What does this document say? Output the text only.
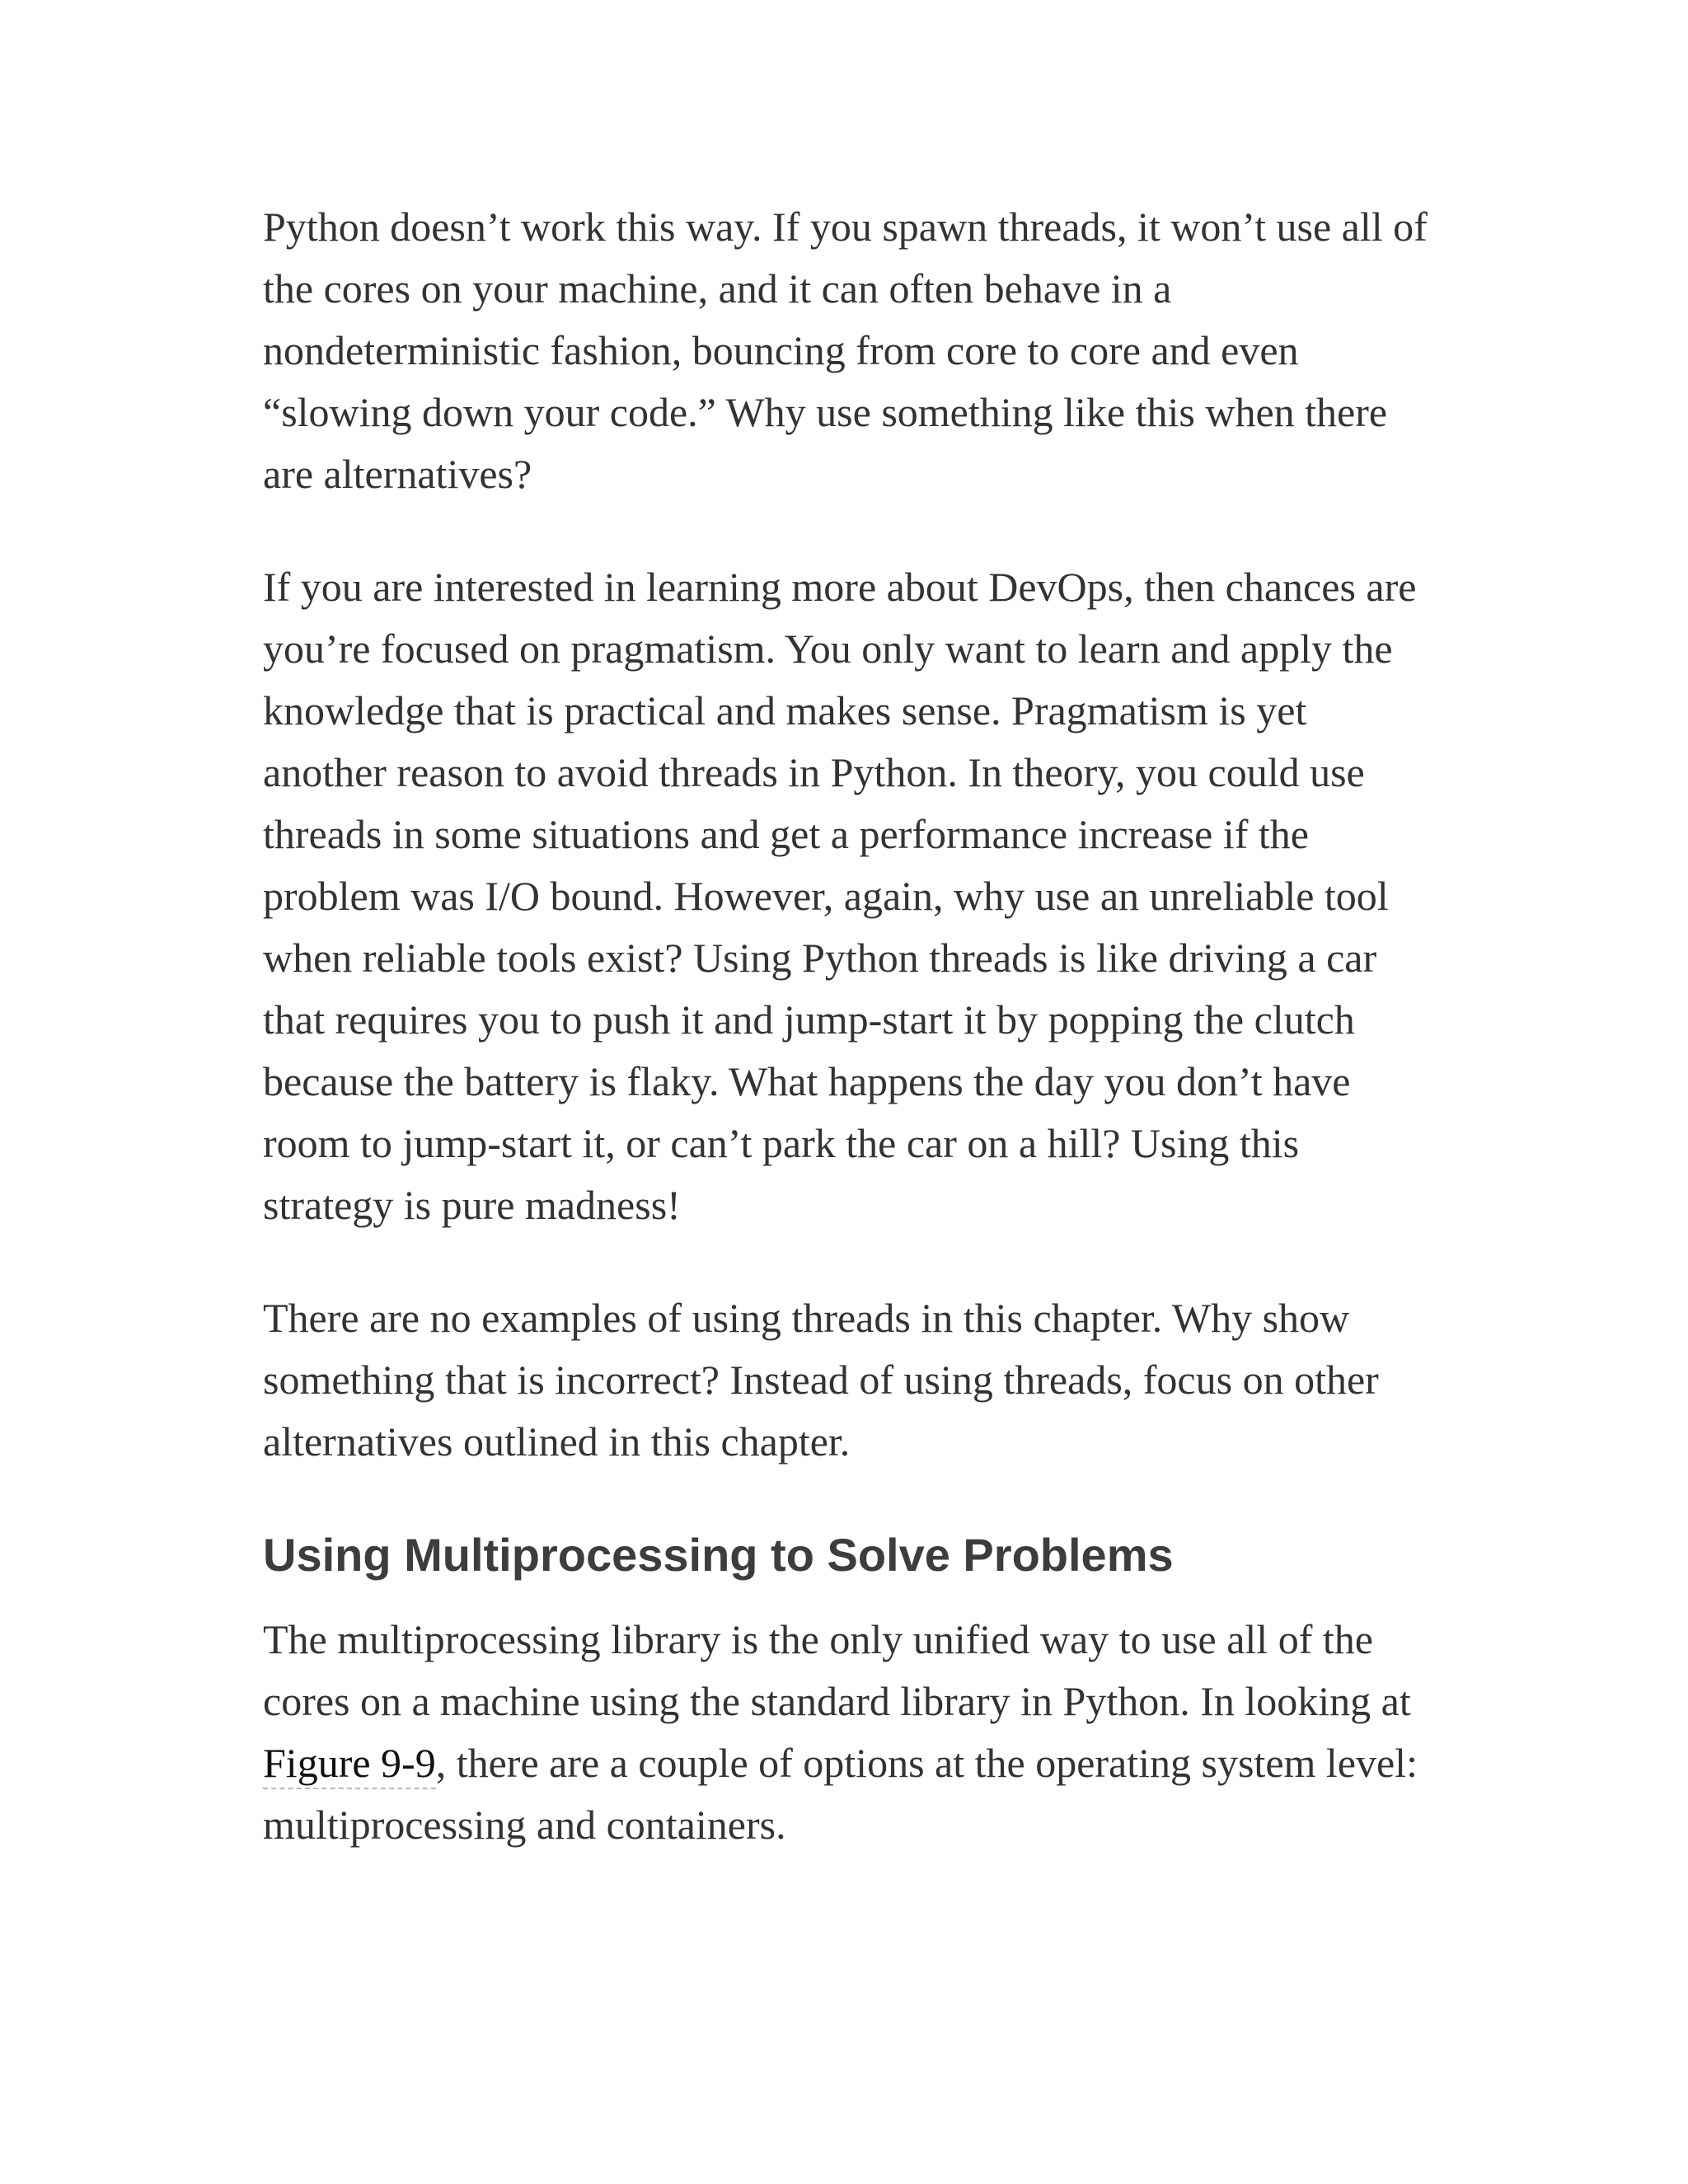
Python doesn’t work this way. If you spawn threads, it won’t use all of the cores on your machine, and it can often behave in a nondeterministic fashion, bouncing from core to core and even “slowing down your code.” Why use something like this when there are alternatives?

If you are interested in learning more about DevOps, then chances are you’re focused on pragmatism. You only want to learn and apply the knowledge that is practical and makes sense. Pragmatism is yet another reason to avoid threads in Python. In theory, you could use threads in some situations and get a performance increase if the problem was I/O bound. However, again, why use an unreliable tool when reliable tools exist? Using Python threads is like driving a car that requires you to push it and jump-start it by popping the clutch because the battery is flaky. What happens the day you don’t have room to jump-start it, or can’t park the car on a hill? Using this strategy is pure madness!

There are no examples of using threads in this chapter. Why show something that is incorrect? Instead of using threads, focus on other alternatives outlined in this chapter.

Using Multiprocessing to Solve Problems

The multiprocessing library is the only unified way to use all of the cores on a machine using the standard library in Python. In looking at Figure 9-9, there are a couple of options at the operating system level: multiprocessing and containers.
